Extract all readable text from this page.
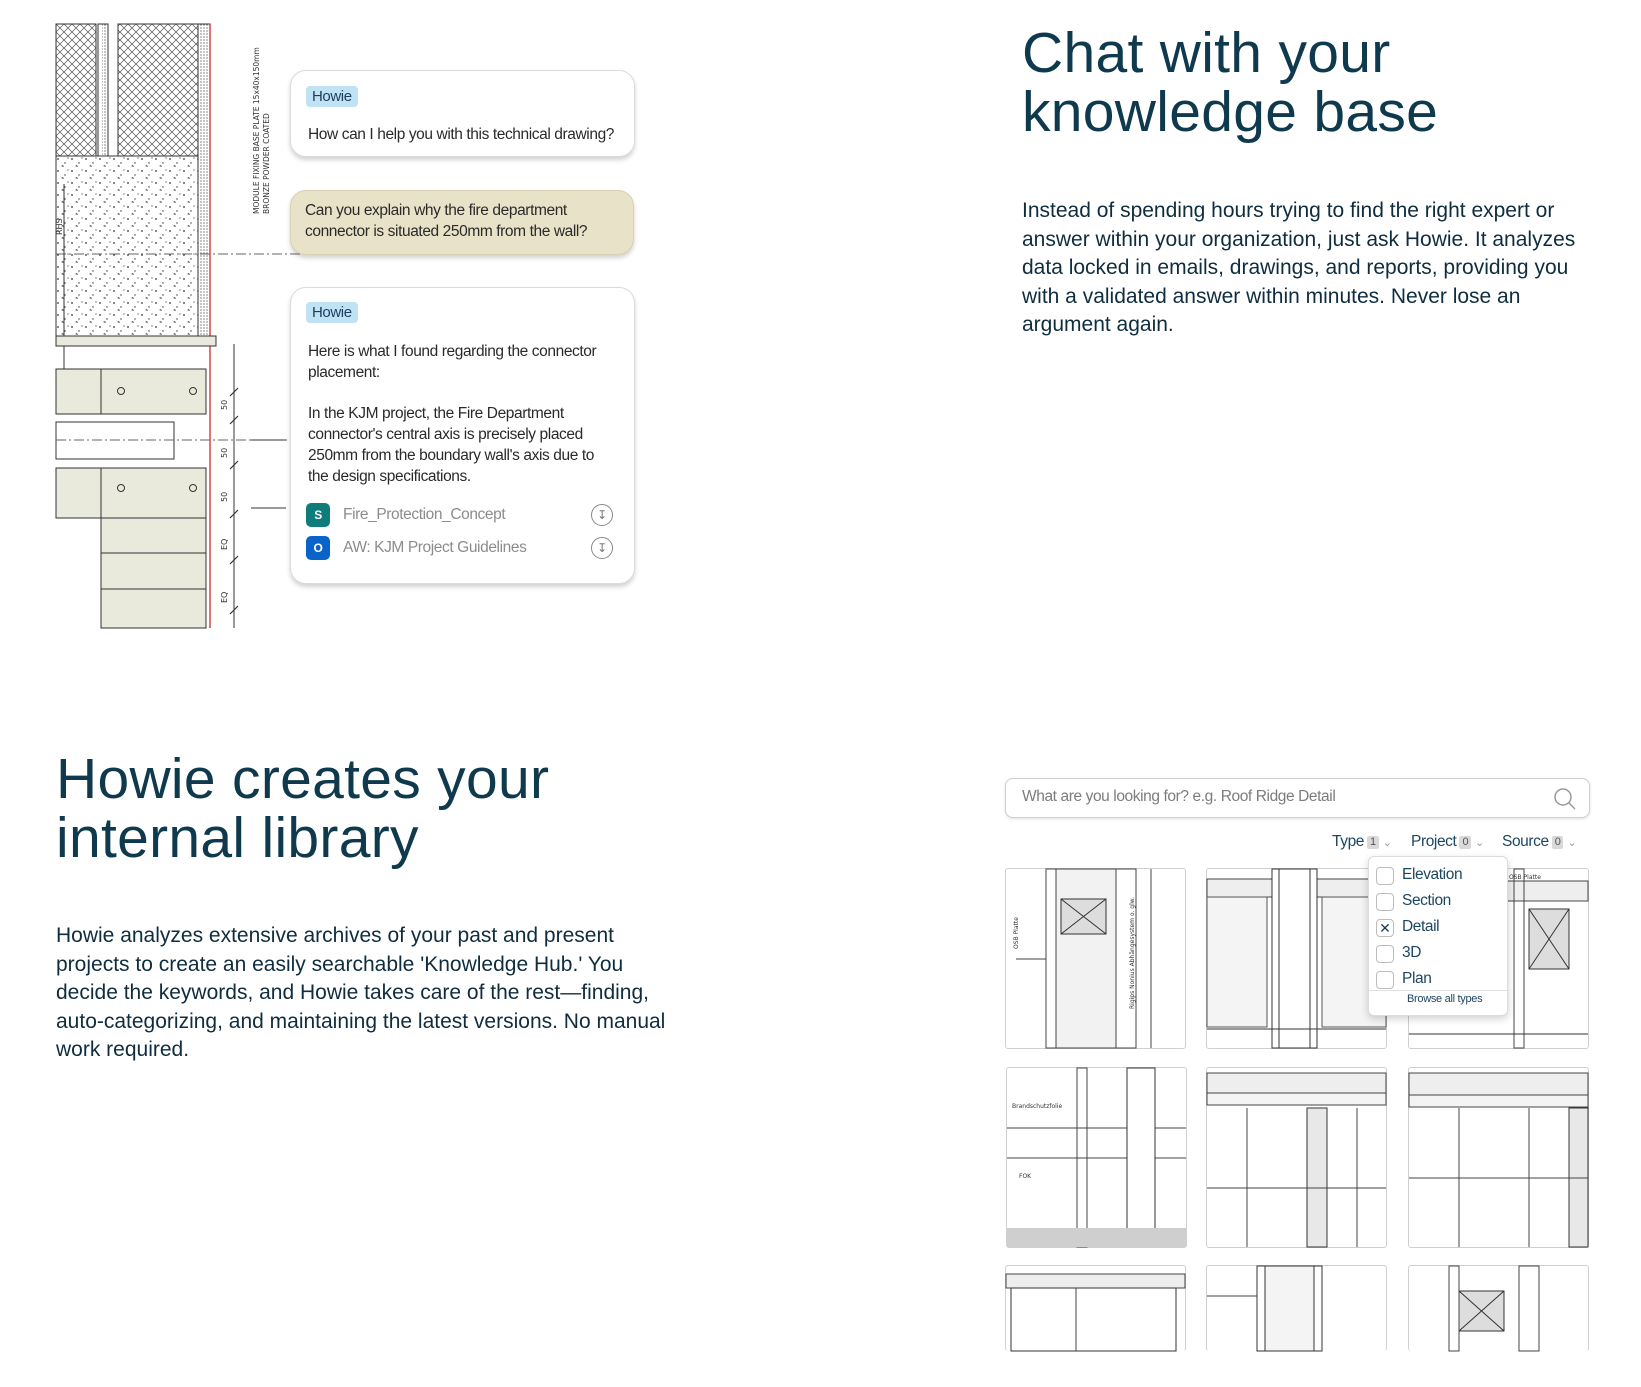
RHS
50
50
50
EQ
EQ
MODULE FIXING BASE PLATE 15x40x150mm BRONZE POWDER COATED
Howie
How can I help you with this technical drawing?
Can you explain why the fire department connector is situated 250mm from the wall?
Howie
Here is what I found regarding the connector placement:
In the KJM project, the Fire Department connector's central axis is precisely placed 250mm from the boundary wall's axis due to the design specifications.
S	Fire_Protection_Concept	↧
O	AW: KJM Project Guidelines	↧
Chat with your knowledge base

Instead of spending hours trying to find the right expert or answer within your organization, just ask Howie. It analyzes data locked in emails, drawings, and reports, providing you with a validated answer within minutes. Never lose an argument again.

Howie creates your internal library

Howie analyzes extensive archives of your past and present projects to create an easily searchable 'Knowledge Hub.' You decide the keywords, and Howie takes care of the rest—finding, auto-categorizing, and maintaining the latest versions. No manual work required.

What are you looking for? e.g. Roof Ridge Detail
Type 1 ⌄ Project 0 ⌄ Source 0 ⌄
OSB Platte	Rigips Nonius Abhängesystem o. glw.
OSB Platte
Brandschutzfolie
FOK
Elevation
Section
✕ Detail
3D
Plan
Browse all types
